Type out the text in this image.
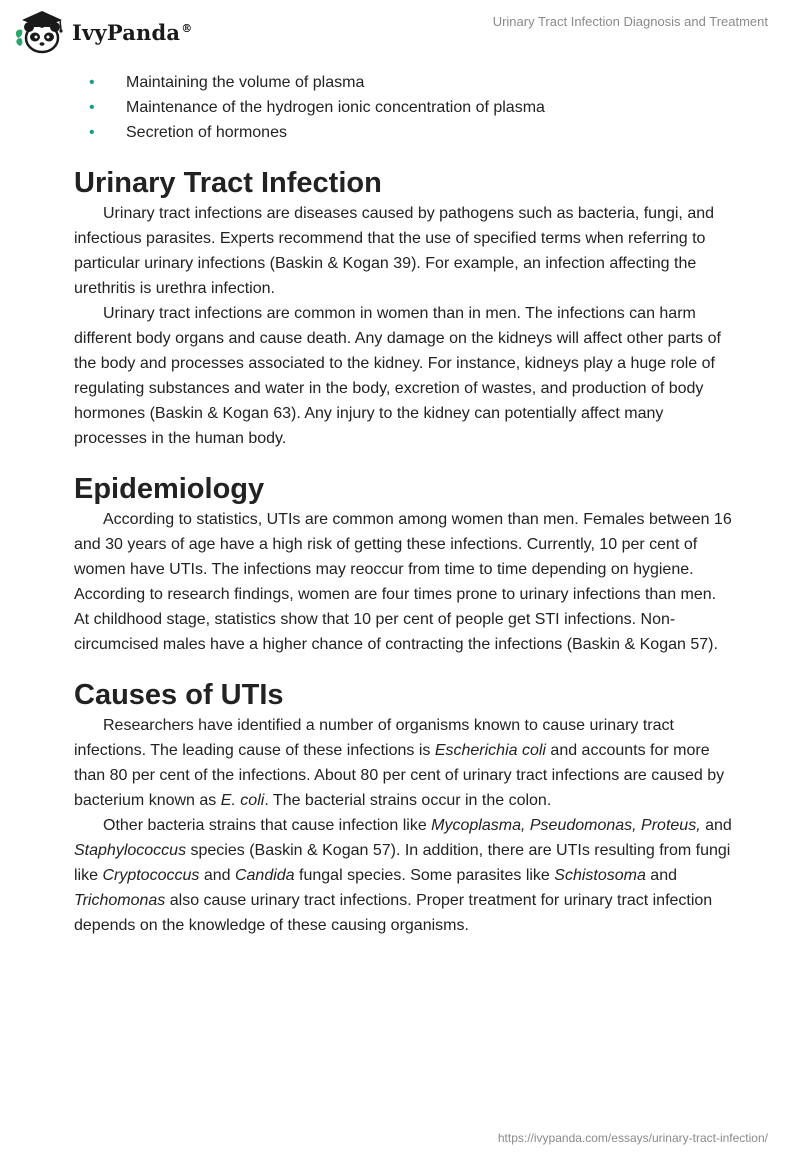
IvyPanda®	Urinary Tract Infection Diagnosis and Treatment
• Maintaining the volume of plasma
• Maintenance of the hydrogen ionic concentration of plasma
• Secretion of hormones
Urinary Tract Infection

Urinary tract infections are diseases caused by pathogens such as bacteria, fungi, and infectious parasites. Experts recommend that the use of specified terms when referring to particular urinary infections (Baskin & Kogan 39). For example, an infection affecting the urethritis is urethra infection.

Urinary tract infections are common in women than in men. The infections can harm different body organs and cause death. Any damage on the kidneys will affect other parts of the body and processes associated to the kidney. For instance, kidneys play a huge role of regulating substances and water in the body, excretion of wastes, and production of body hormones (Baskin & Kogan 63). Any injury to the kidney can potentially affect many processes in the human body.

Epidemiology

According to statistics, UTIs are common among women than men. Females between 16 and 30 years of age have a high risk of getting these infections. Currently, 10 per cent of women have UTIs. The infections may reoccur from time to time depending on hygiene. According to research findings, women are four times prone to urinary infections than men. At childhood stage, statistics show that 10 per cent of people get STI infections. Non-circumcised males have a higher chance of contracting the infections (Baskin & Kogan 57).

Causes of UTIs

Researchers have identified a number of organisms known to cause urinary tract infections. The leading cause of these infections is Escherichia coli and accounts for more than 80 per cent of the infections. About 80 per cent of urinary tract infections are caused by bacterium known as E. coli. The bacterial strains occur in the colon.

Other bacteria strains that cause infection like Mycoplasma, Pseudomonas, Proteus, and Staphylococcus species (Baskin & Kogan 57). In addition, there are UTIs resulting from fungi like Cryptococcus and Candida fungal species. Some parasites like Schistosoma and Trichomonas also cause urinary tract infections. Proper treatment for urinary tract infection depends on the knowledge of these causing organisms.

https://ivypanda.com/essays/urinary-tract-infection/
